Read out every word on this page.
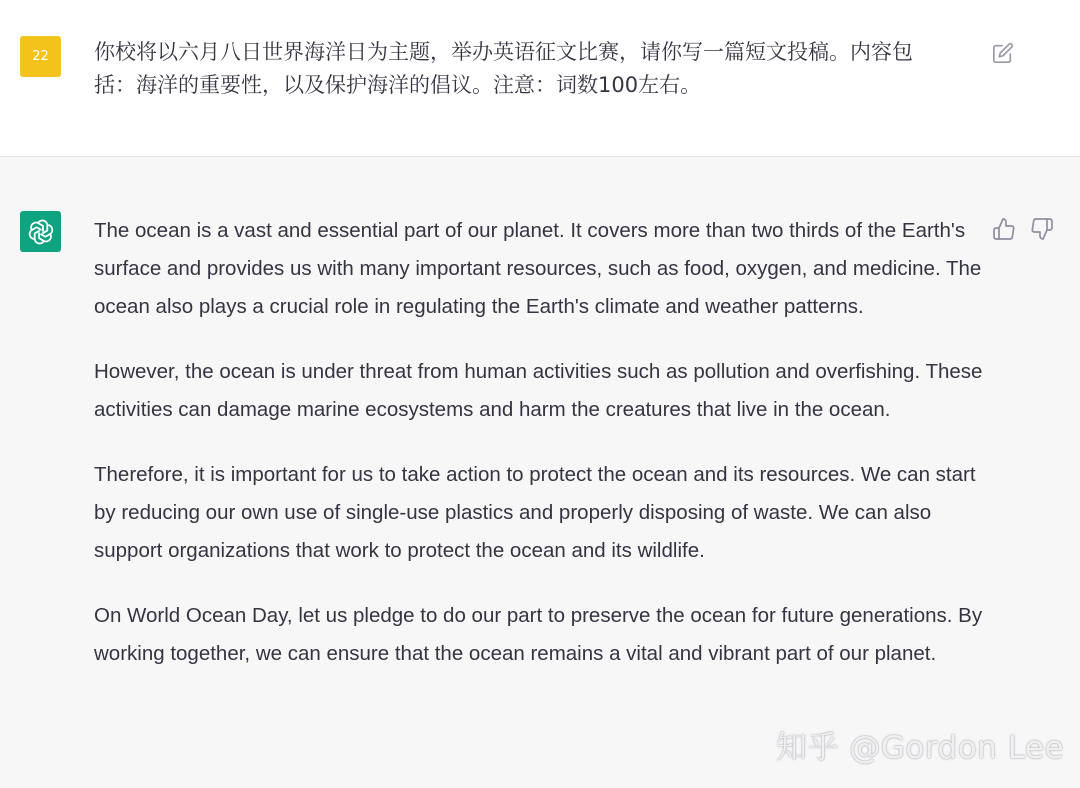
22 你校将以六月八日世界海洋日为主题，举办英语征文比赛，请你写一篇短文投稿。内容包括：海洋的重要性，以及保护海洋的倡议。注意：词数100左右。

The ocean is a vast and essential part of our planet. It covers more than two thirds of the Earth's surface and provides us with many important resources, such as food, oxygen, and medicine. The ocean also plays a crucial role in regulating the Earth's climate and weather patterns.

However, the ocean is under threat from human activities such as pollution and overfishing. These activities can damage marine ecosystems and harm the creatures that live in the ocean.

Therefore, it is important for us to take action to protect the ocean and its resources. We can start by reducing our own use of single-use plastics and properly disposing of waste. We can also support organizations that work to protect the ocean and its wildlife.

On World Ocean Day, let us pledge to do our part to preserve the ocean for future generations. By working together, we can ensure that the ocean remains a vital and vibrant part of our planet.

知乎 @Gordon Lee
